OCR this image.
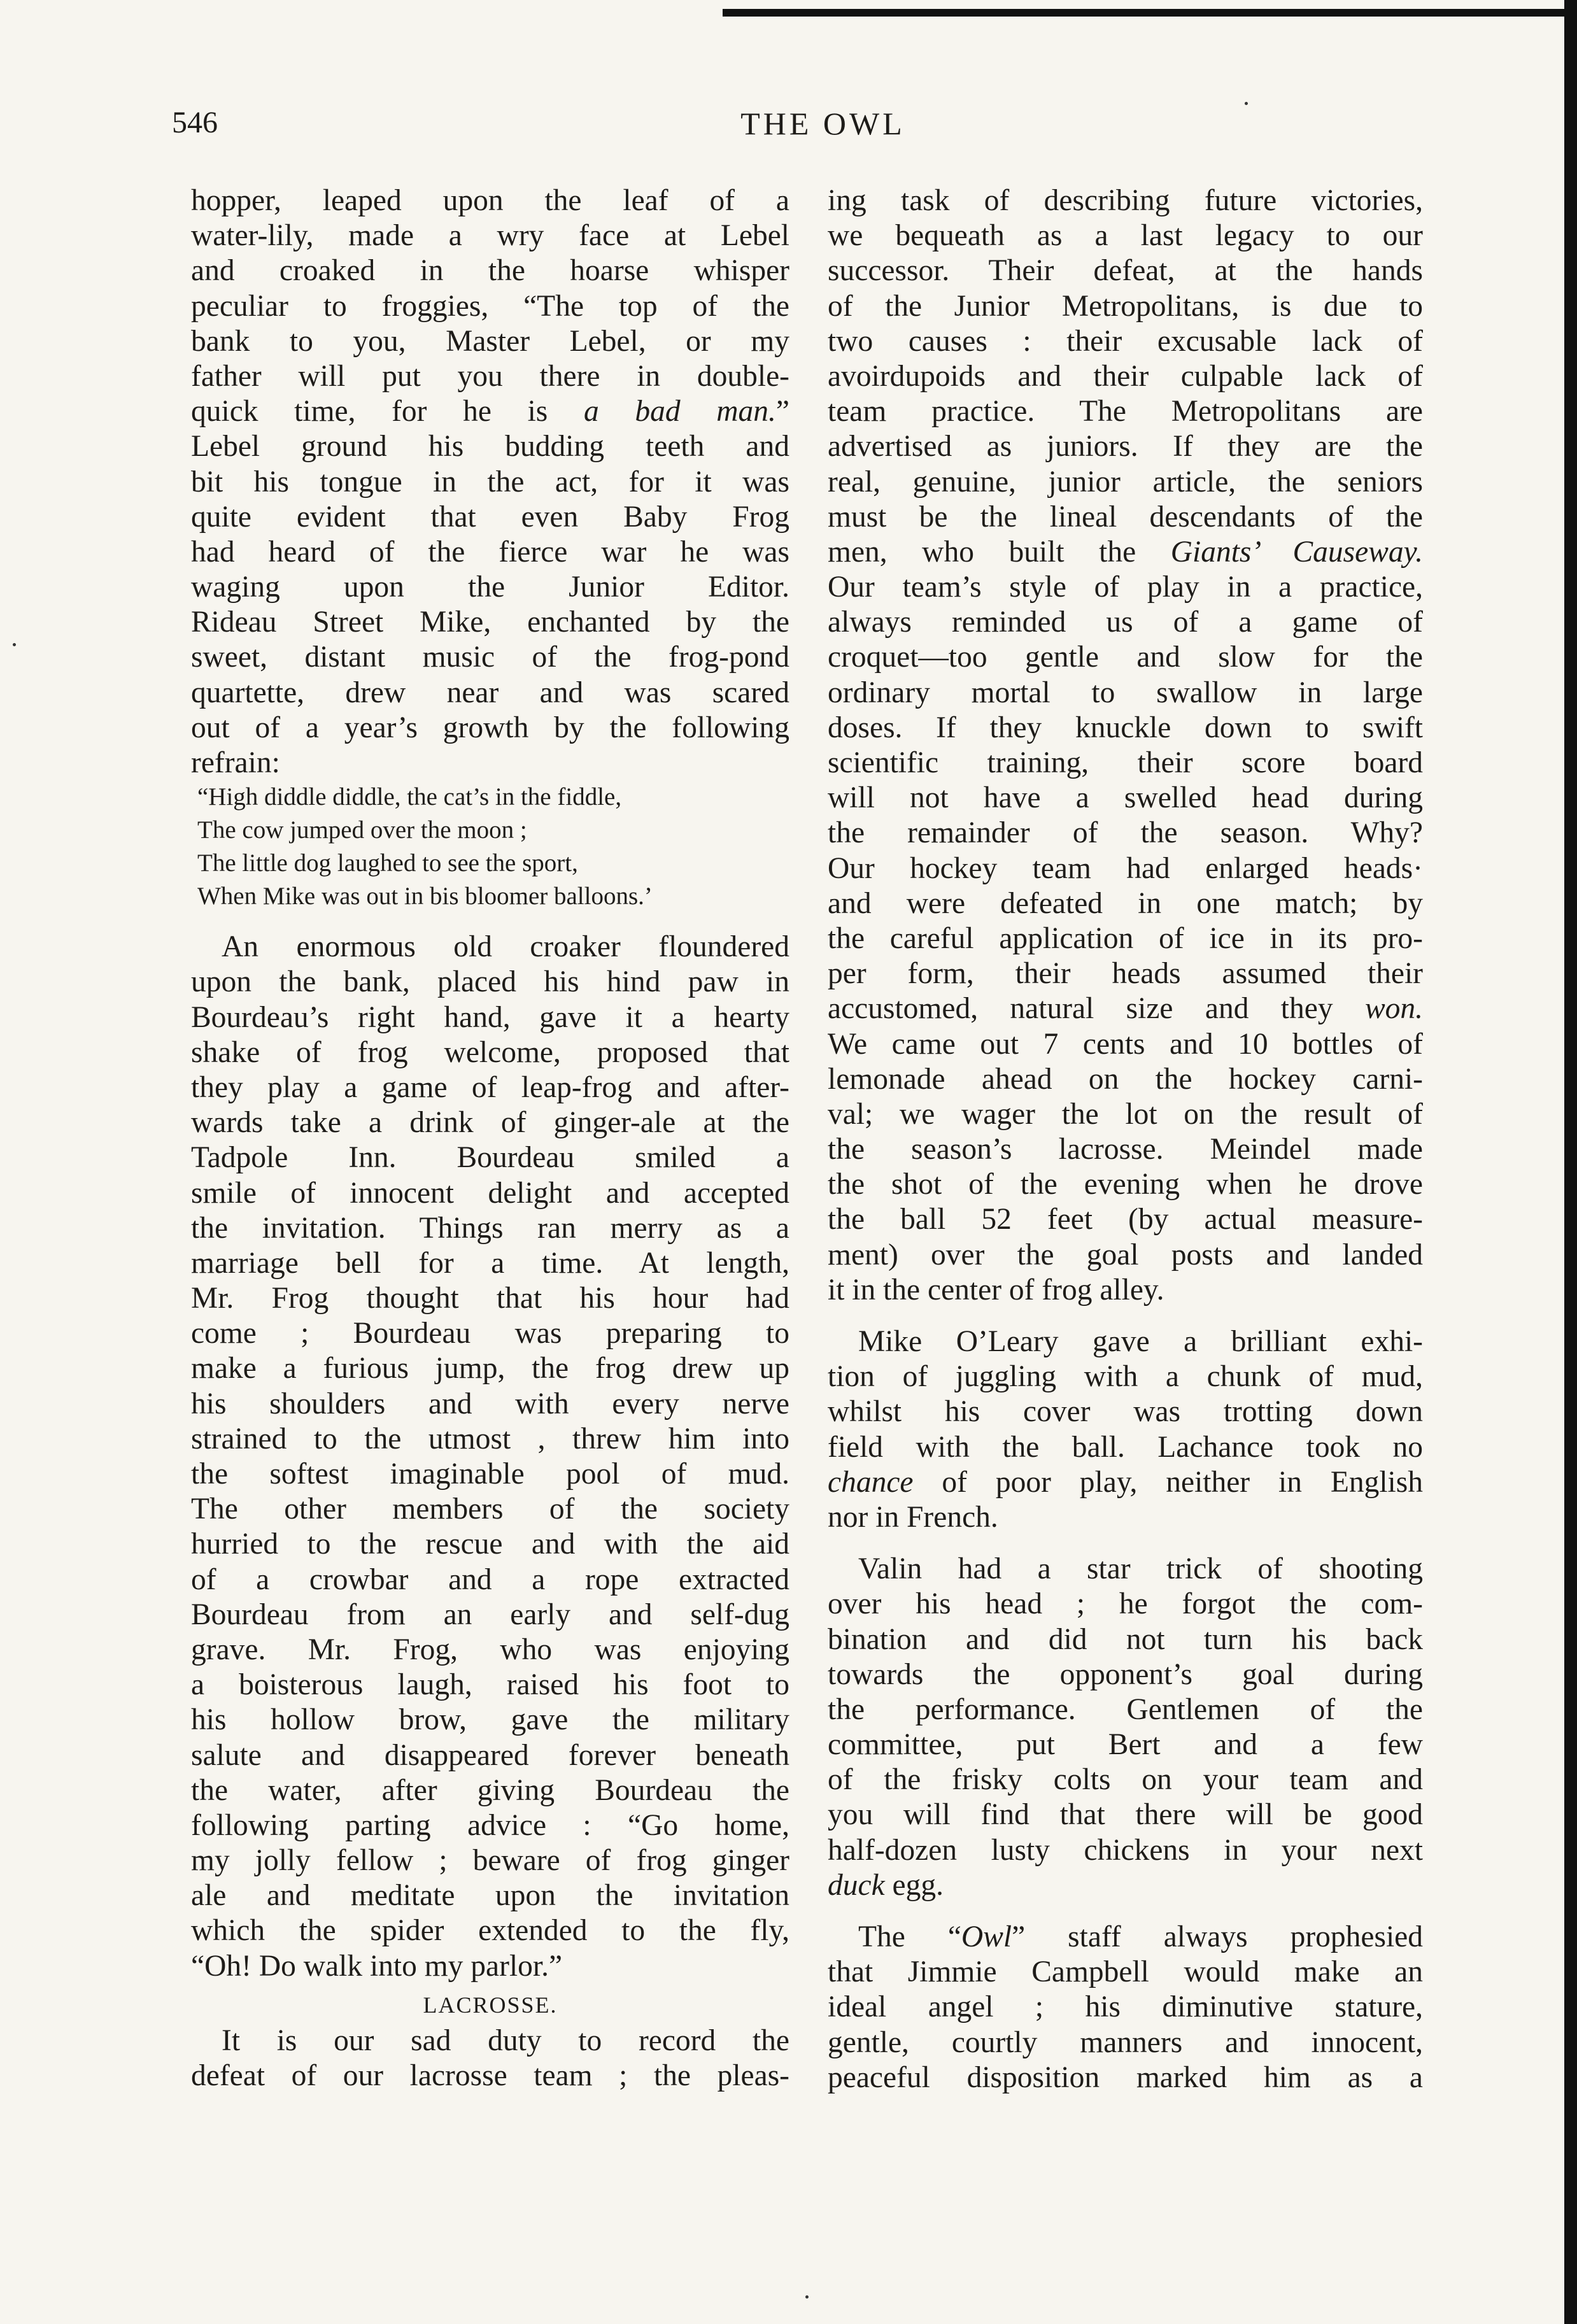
546	THE OWL
hopper, leaped upon the leaf of a
water-lily, made a wry face at Lebel
and croaked in the hoarse whisper
peculiar to froggies, “The top of the
bank to you, Master Lebel, or my
father will put you there in double-
quick time, for he is a bad man.”
Lebel ground his budding teeth and
bit his tongue in the act, for it was
quite evident that even Baby Frog
had heard of the fierce war he was
waging upon the Junior Editor.
Rideau Street Mike, enchanted by the
sweet, distant music of the frog-pond
quartette, drew near and was scared
out of a year’s growth by the following
refrain:
“High diddle diddle, the cat’s in the fiddle,
The cow jumped over the moon ;
The little dog laughed to see the sport,
When Mike was out in bis bloomer balloons.’
An enormous old croaker floundered
upon the bank, placed his hind paw in
Bourdeau’s right hand, gave it a hearty
shake of frog welcome, proposed that
they play a game of leap-frog and after-
wards take a drink of ginger-ale at the
Tadpole Inn. Bourdeau smiled a
smile of innocent delight and accepted
the invitation. Things ran merry as a
marriage bell for a time. At length,
Mr. Frog thought that his hour had
come ; Bourdeau was preparing to
make a furious jump, the frog drew up
his shoulders and with every nerve
strained to the utmost , threw him into
the softest imaginable pool of mud.
The other members of the society
hurried to the rescue and with the aid
of a crowbar and a rope extracted
Bourdeau from an early and self-dug
grave. Mr. Frog, who was enjoying
a boisterous laugh, raised his foot to
his hollow brow, gave the military
salute and disappeared forever beneath
the water, after giving Bourdeau the
following parting advice : “Go home,
my jolly fellow ; beware of frog ginger
ale and meditate upon the invitation
which the spider extended to the fly,
“Oh! Do walk into my parlor.”
LACROSSE.
It is our sad duty to record the
defeat of our lacrosse team ; the pleas-
ing task of describing future victories,
we bequeath as a last legacy to our
successor. Their defeat, at the hands
of the Junior Metropolitans, is due to
two causes : their excusable lack of
avoirdupoids and their culpable lack of
team practice. The Metropolitans are
advertised as juniors. If they are the
real, genuine, junior article, the seniors
must be the lineal descendants of the
men, who built the Giants’ Causeway.
Our team’s style of play in a practice,
always reminded us of a game of
croquet—too gentle and slow for the
ordinary mortal to swallow in large
doses. If they knuckle down to swift
scientific training, their score board
will not have a swelled head during
the remainder of the season. Why?
Our hockey team had enlarged heads·
and were defeated in one match; by
the careful application of ice in its pro-
per form, their heads assumed their
accustomed, natural size and they won.
We came out 7 cents and 10 bottles of
lemonade ahead on the hockey carni-
val; we wager the lot on the result of
the season’s lacrosse. Meindel made
the shot of the evening when he drove
the ball 52 feet (by actual measure-
ment) over the goal posts and landed
it in the center of frog alley.
Mike O’Leary gave a brilliant exhi-
tion of juggling with a chunk of mud,
whilst his cover was trotting down
field with the ball. Lachance took no
chance of poor play, neither in English
nor in French.
Valin had a star trick of shooting
over his head ; he forgot the com-
bination and did not turn his back
towards the opponent’s goal during
the performance. Gentlemen of the
committee, put Bert and a few
of the frisky colts on your team and
you will find that there will be good
half-dozen lusty chickens in your next
duck egg.
The “Owl” staff always prophesied
that Jimmie Campbell would make an
ideal angel ; his diminutive stature,
gentle, courtly manners and innocent,
peaceful disposition marked him as a
